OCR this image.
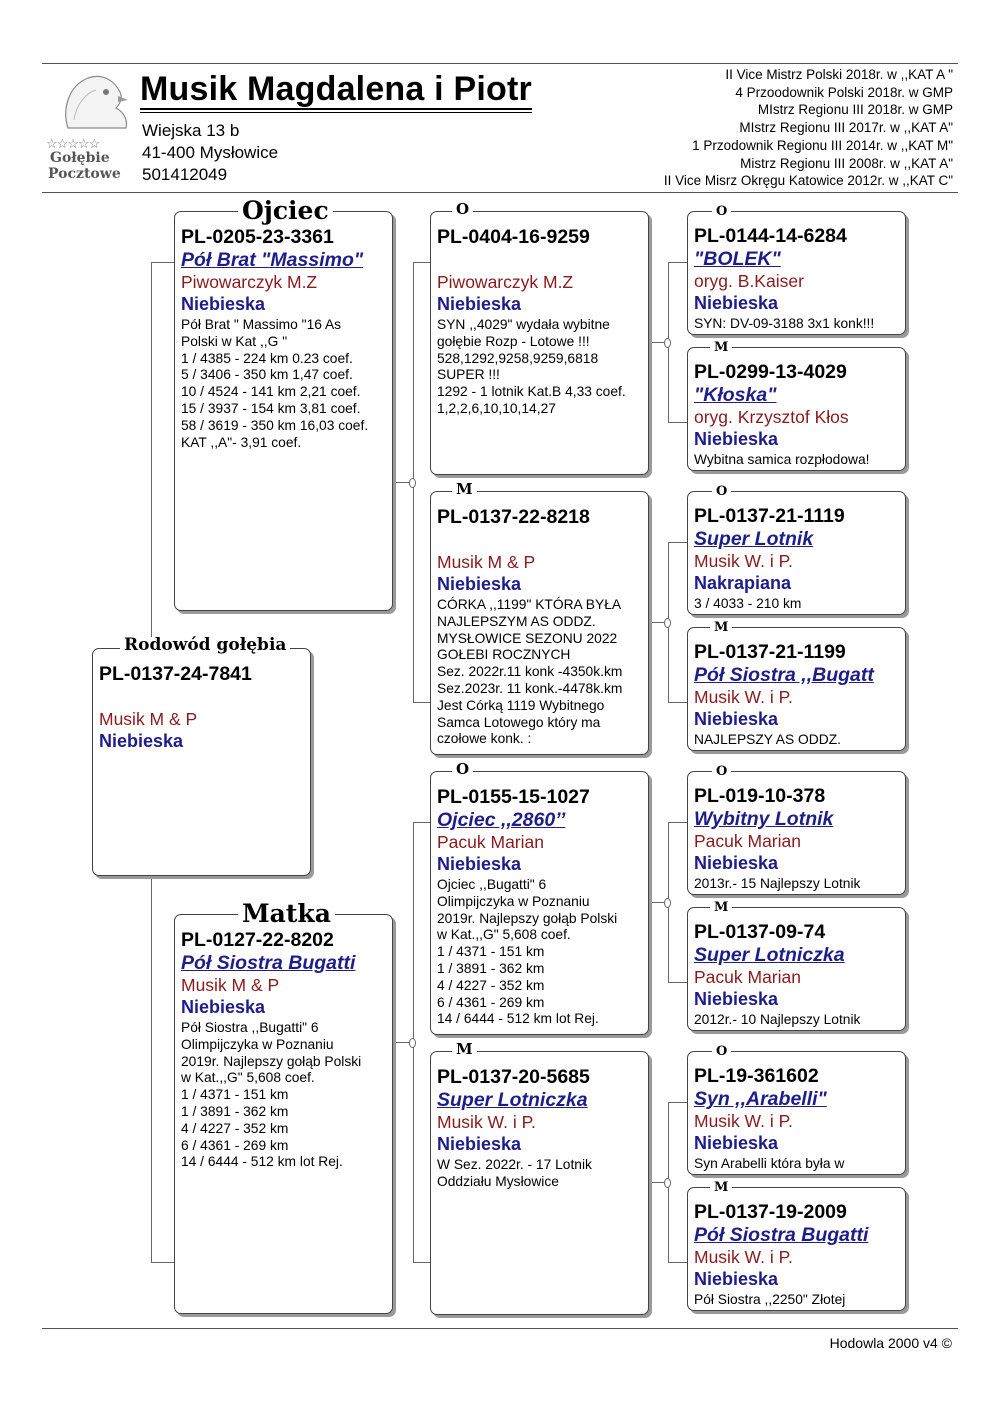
☆☆☆☆☆
Gołębie
Pocztowe
Musik Magdalena i Piotr
Wiejska 13 b
41-400 Mysłowice
501412049
II Vice Mistrz Polski 2018r. w ,,KAT A "
4 Przoodownik Polski 2018r. w GMP
MIstrz Regionu III 2018r. w GMP
MIstrz Regionu III 2017r. w ,,KAT A"
1 Przodownik Regionu III 2014r. w ,,KAT M"
Mistrz Regionu III 2008r. w ,,KAT A"
II Vice Misrz Okręgu Katowice 2012r. w ,,KAT C"
PL-0137-24-7841
Musik M & P
Niebieska
Rodowód gołębia
PL-0205-23-3361
Pół Brat "Massimo"
Piwowarczyk M.Z
Niebieska
Pół Brat " Massimo "16 As
Polski w Kat ,,G "
1 / 4385 - 224 km 0.23 coef.
5 / 3406 - 350 km 1,47 coef.
10 / 4524 - 141 km 2,21 coef.
15 / 3937 - 154 km 3,81 coef.
58 / 3619 - 350 km 16,03 coef.
KAT ,,A"- 3,91 coef.
Ojciec
PL-0127-22-8202
Pół Siostra Bugatti
Musik M & P
Niebieska
Pół Siostra ,,Bugatti" 6
Olimpijczyka w Poznaniu
2019r. Najlepszy gołąb Polski
w Kat.,,G" 5,608 coef.
1 / 4371 - 151 km
1 / 3891 - 362 km
4 / 4227 - 352 km
6 / 4361 - 269 km
14 / 6444 - 512 km lot Rej.
Matka
PL-0404-16-9259
Piwowarczyk M.Z
Niebieska
SYN ,,4029" wydała wybitne
gołębie Rozp - Lotowe !!!
528,1292,9258,9259,6818
SUPER !!!
1292 - 1 lotnik Kat.B 4,33 coef.
1,2,2,6,10,10,14,27
O
PL-0137-22-8218
Musik M & P
Niebieska
CÓRKA ,,1199" KTÓRA BYŁA
NAJLEPSZYM AS ODDZ.
MYSŁOWICE SEZONU 2022
GOŁEBI ROCZNYCH
Sez. 2022r.11 konk -4350k.km
Sez.2023r. 11 konk.-4478k.km
Jest Córką 1119 Wybitnego
Samca Lotowego który ma
czołowe konk. :
M
PL-0155-15-1027
Ojciec ,,2860’’
Pacuk Marian
Niebieska
Ojciec ,,Bugatti" 6
Olimpijczyka w Poznaniu
2019r. Najlepszy gołąb Polski
w Kat.,,G" 5,608 coef.
1 / 4371 - 151 km
1 / 3891 - 362 km
4 / 4227 - 352 km
6 / 4361 - 269 km
14 / 6444 - 512 km lot Rej.
O
PL-0137-20-5685
Super Lotniczka
Musik W. i P.
Niebieska
W Sez. 2022r. - 17 Lotnik
Oddziału Mysłowice
M
PL-0144-14-6284
"BOLEK"
oryg. B.Kaiser
Niebieska
SYN: DV-09-3188 3x1 konk!!!
O
PL-0299-13-4029
"Kłoska"
oryg. Krzysztof Kłos
Niebieska
Wybitna samica rozpłodowa!
M
PL-0137-21-1119
Super Lotnik
Musik W. i P.
Nakrapiana
3 / 4033 - 210 km
O
PL-0137-21-1199
Pół Siostra ,,Bugatt
Musik W. i P.
Niebieska
NAJLEPSZY AS ODDZ.
M
PL-019-10-378
Wybitny Lotnik
Pacuk Marian
Niebieska
2013r.- 15 Najlepszy Lotnik
O
PL-0137-09-74
Super Lotniczka
Pacuk Marian
Niebieska
2012r.- 10 Najlepszy Lotnik
M
PL-19-361602
Syn ,,Arabelli"
Musik W. i P.
Niebieska
Syn Arabelli która była w
O
PL-0137-19-2009
Pół Siostra Bugatti
Musik W. i P.
Niebieska
Pół Siostra ,,2250" Złotej
M
Hodowla 2000 v4 ©
